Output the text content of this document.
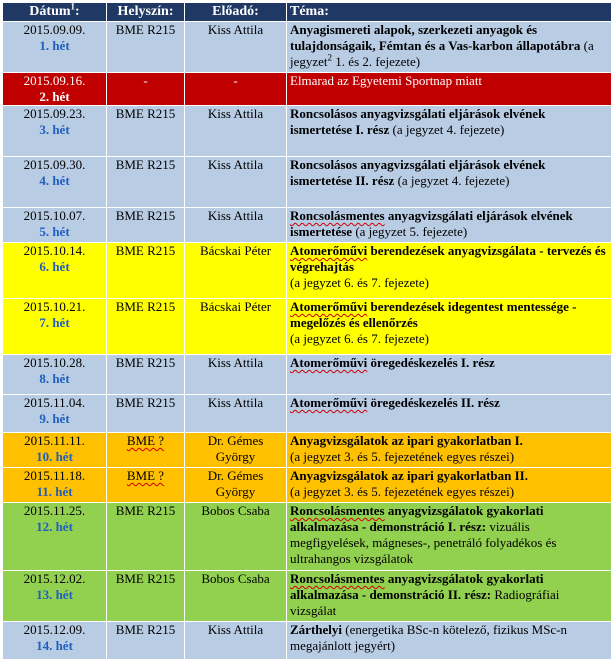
Dátum$^1$:	Helyszín:	Előadó:	Téma:
2015.09.09.
1. hét	BME R215	Kiss Attila	Anyagismereti alapok, szerkezeti anyagok és tulajdonságaik, Fémtan és a Vas-karbon állapotábra (a jegyzet$^2$ 1. és 2. fejezete)
2015.09.16.
2. hét	-	-	Elmarad az Egyetemi Sportnap miatt
2015.09.23.
3. hét	BME R215	Kiss Attila	Roncsolásos anyagvizsgálati eljárások elvének ismertetése I. rész (a jegyzet 4. fejezete)
2015.09.30.
4. hét	BME R215	Kiss Attila	Roncsolásos anyagvizsgálati eljárások elvének ismertetése II. rész (a jegyzet 4. fejezete)
2015.10.07.
5. hét	BME R215	Kiss Attila	Roncsolásmentes anyagvizsgálati eljárások elvének ismertetése (a jegyzet 5. fejezete)
2015.10.14.
6. hét	BME R215	Bácskai Péter	Atomerőművi berendezések anyagvizsgálata - tervezés és végrehajtás
(a jegyzet 6. és 7. fejezete)
2015.10.21.
7. hét	BME R215	Bácskai Péter	Atomerőművi berendezések idegentest mentessége - megelőzés és ellenőrzés
(a jegyzet 6. és 7. fejezete)
2015.10.28.
8. hét	BME R215	Kiss Attila	Atomerőművi öregedéskezelés I. rész
2015.11.04.
9. hét	BME R215	Kiss Attila	Atomerőművi öregedéskezelés II. rész
2015.11.11.
10. hét	BME ?	Dr. Gémes György	Anyagvizsgálatok az ipari gyakorlatban I.
(a jegyzet 3. és 5. fejezetének egyes részei)
2015.11.18.
11. hét	BME ?	Dr. Gémes György	Anyagvizsgálatok az ipari gyakorlatban II.
(a jegyzet 3. és 5. fejezetének egyes részei)
2015.11.25.
12. hét	BME R215	Bobos Csaba	Roncsolásmentes anyagvizsgálatok gyakorlati alkalmazása - demonstráció I. rész: vizuális megfigyelések, mágneses-, penetráló folyadékos és ultrahangos vizsgálatok
2015.12.02.
13. hét	BME R215	Bobos Csaba	Roncsolásmentes anyagvizsgálatok gyakorlati alkalmazása - demonstráció II. rész: Radiográfiai vizsgálat
2015.12.09.
14. hét	BME R215	Kiss Attila	Zárthelyi (energetika BSc-n kötelező, fizikus MSc-n megajánlott jegyért)
